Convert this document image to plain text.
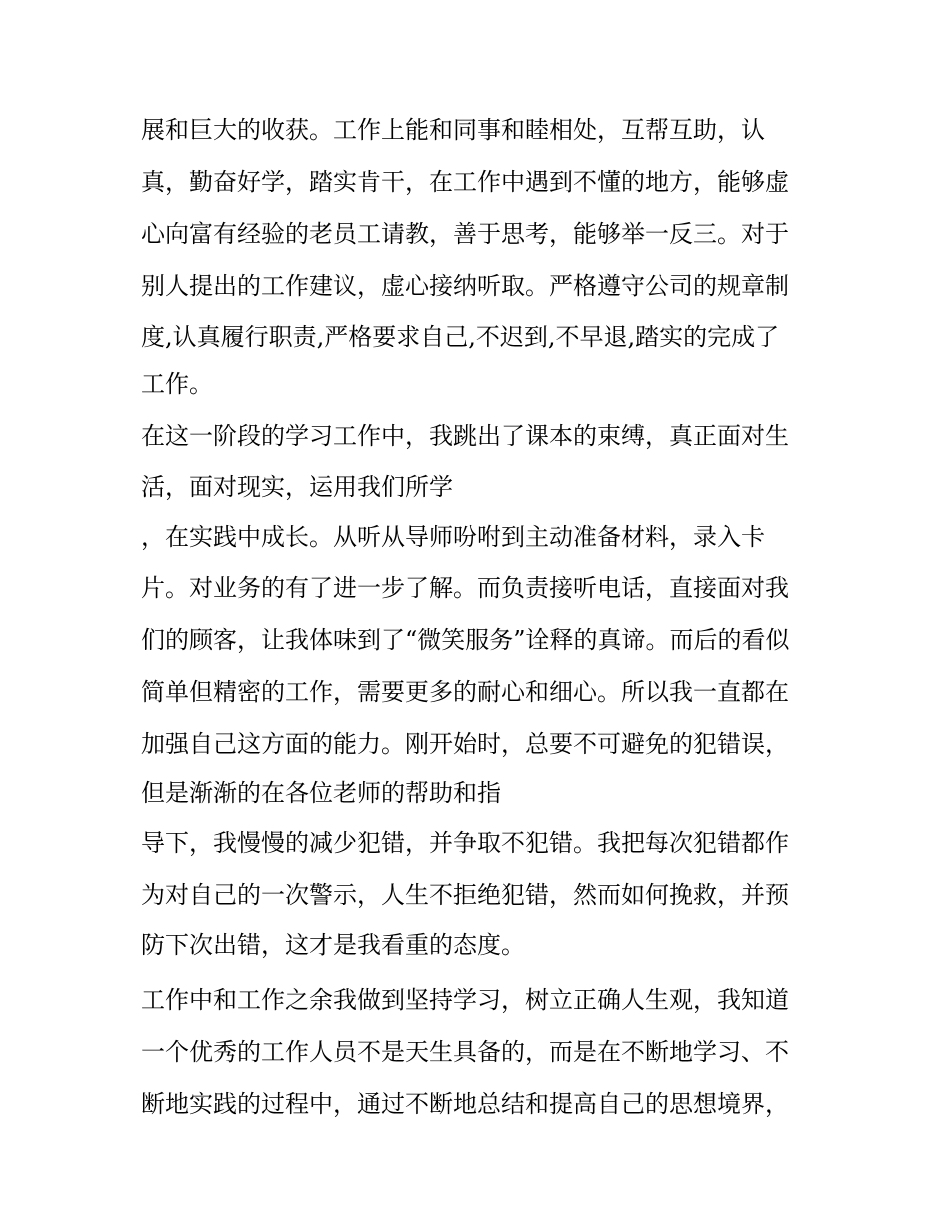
展和巨大的收获。工作上能和同事和睦相处，互帮互助，认
真，勤奋好学，踏实肯干，在工作中遇到不懂的地方，能够虚
心向富有经验的老员工请教，善于思考，能够举一反三。对于
别人提出的工作建议，虚心接纳听取。严格遵守公司的规章制
度,认真履行职责,严格要求自己,不迟到,不早退,踏实的完成了
工作。
在这一阶段的学习工作中，我跳出了课本的束缚，真正面对生
活，面对现实，运用我们所学
，在实践中成长。从听从导师吩咐到主动准备材料，录入卡
片。对业务的有了进一步了解。而负责接听电话，直接面对我
们的顾客，让我体味到了“微笑服务”诠释的真谛。而后的看似
简单但精密的工作，需要更多的耐心和细心。所以我一直都在
加强自己这方面的能力。刚开始时，总要不可避免的犯错误，
但是渐渐的在各位老师的帮助和指
导下，我慢慢的减少犯错，并争取不犯错。我把每次犯错都作
为对自己的一次警示，人生不拒绝犯错，然而如何挽救，并预
防下次出错，这才是我看重的态度。
工作中和工作之余我做到坚持学习，树立正确人生观，我知道
一个优秀的工作人员不是天生具备的，而是在不断地学习、不
断地实践的过程中，通过不断地总结和提高自己的思想境界，
